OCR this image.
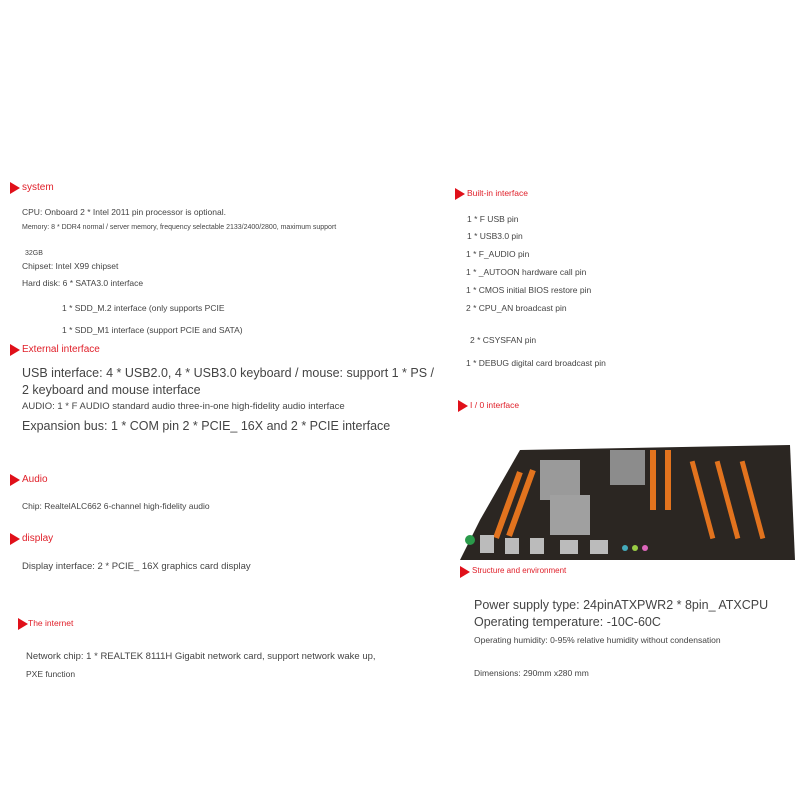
system
CPU: Onboard 2 * Intel 2011 pin processor is optional.
Memory: 8 * DDR4 normal / server memory, frequency selectable 2133/2400/2800, maximum support
32GB
Chipset: Intel X99 chipset
Hard disk: 6 * SATA3.0 interface
1 * SDD_M.2 interface (only supports PCIE
1 * SDD_M1 interface (support PCIE and SATA)
External interface
USB interface: 4 * USB2.0, 4 * USB3.0 keyboard / mouse: support 1 * PS /
2 keyboard and mouse interface
AUDIO: 1 * F AUDIO standard audio three-in-one high-fidelity audio interface
Expansion bus: 1 * COM pin 2 * PCIE_ 16X and 2 * PCIE interface
Audio
Chip: RealtelALC662 6-channel high-fidelity audio
display
Display interface: 2 * PCIE_ 16X graphics card display
The internet
Network chip: 1 * REALTEK 8111H Gigabit network card, support network wake up,
PXE function
Built-in interface
1 * F USB pin
1 * USB3.0 pin
1 * F_AUDIO pin
1 * _AUTOON hardware call pin
1 * CMOS initial BIOS restore pin
2 * CPU_AN broadcast pin
2 * CSYSFAN pin
1 * DEBUG digital card broadcast pin
I / 0 interface
Structure and environment
Power supply type: 24pinATXPWR2 * 8pin_ ATXCPU
Operating temperature: -10C-60C
Operating humidity: 0-95% relative humidity without condensation
Dimensions: 290mm x280 mm
